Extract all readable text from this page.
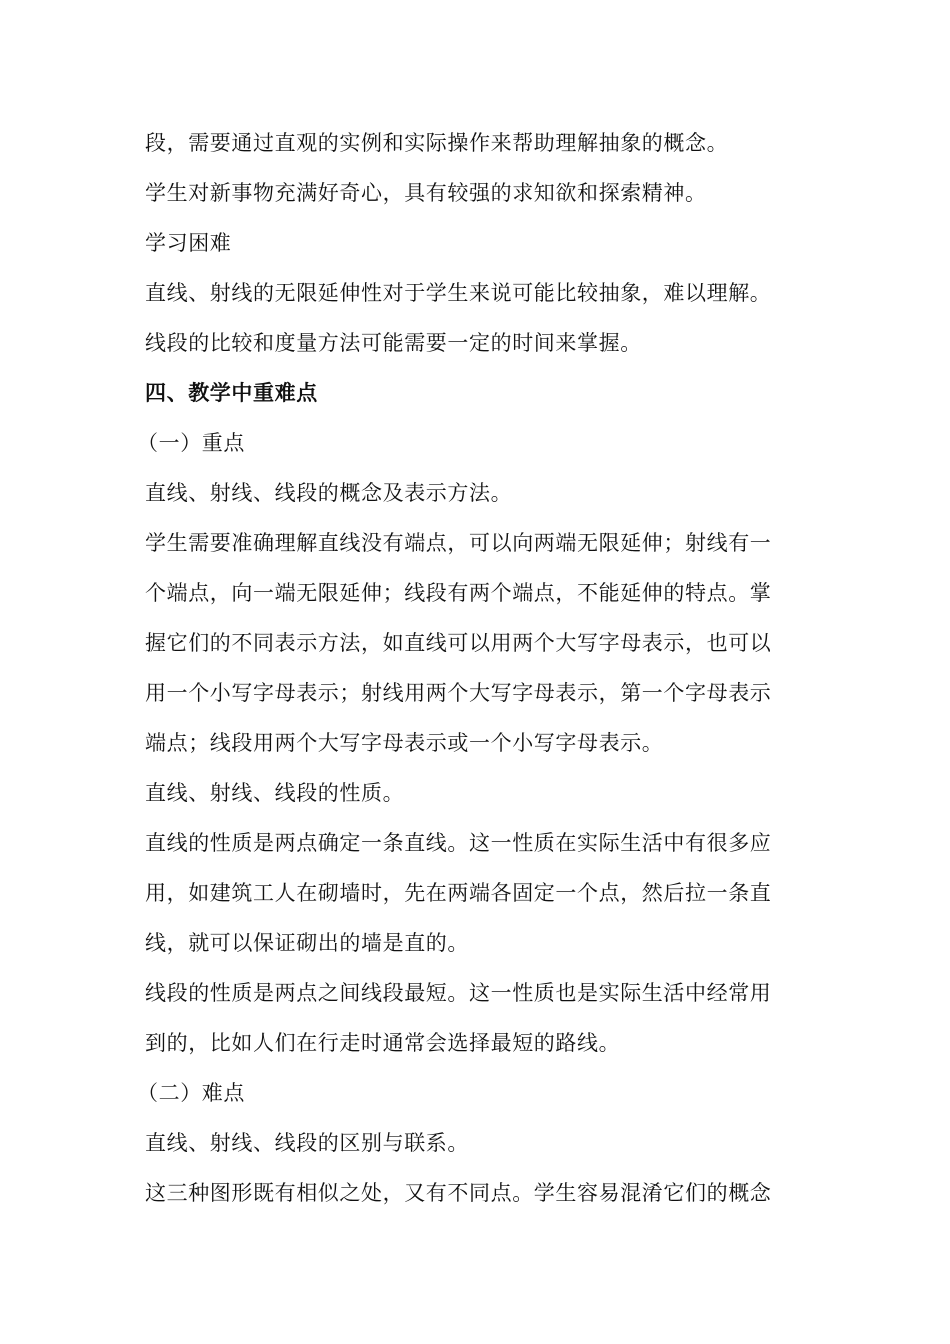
段，需要通过直观的实例和实际操作来帮助理解抽象的概念。
学生对新事物充满好奇心，具有较强的求知欲和探索精神。
学习困难
直线、射线的无限延伸性对于学生来说可能比较抽象，难以理解。
线段的比较和度量方法可能需要一定的时间来掌握。
四、教学中重难点
（一）重点
直线、射线、线段的概念及表示方法。
学生需要准确理解直线没有端点，可以向两端无限延伸；射线有一
个端点，向一端无限延伸；线段有两个端点，不能延伸的特点。掌
握它们的不同表示方法，如直线可以用两个大写字母表示，也可以
用一个小写字母表示；射线用两个大写字母表示，第一个字母表示
端点；线段用两个大写字母表示或一个小写字母表示。
直线、射线、线段的性质。
直线的性质是两点确定一条直线。这一性质在实际生活中有很多应
用，如建筑工人在砌墙时，先在两端各固定一个点，然后拉一条直
线，就可以保证砌出的墙是直的。
线段的性质是两点之间线段最短。这一性质也是实际生活中经常用
到的，比如人们在行走时通常会选择最短的路线。
（二）难点
直线、射线、线段的区别与联系。
这三种图形既有相似之处，又有不同点。学生容易混淆它们的概念
